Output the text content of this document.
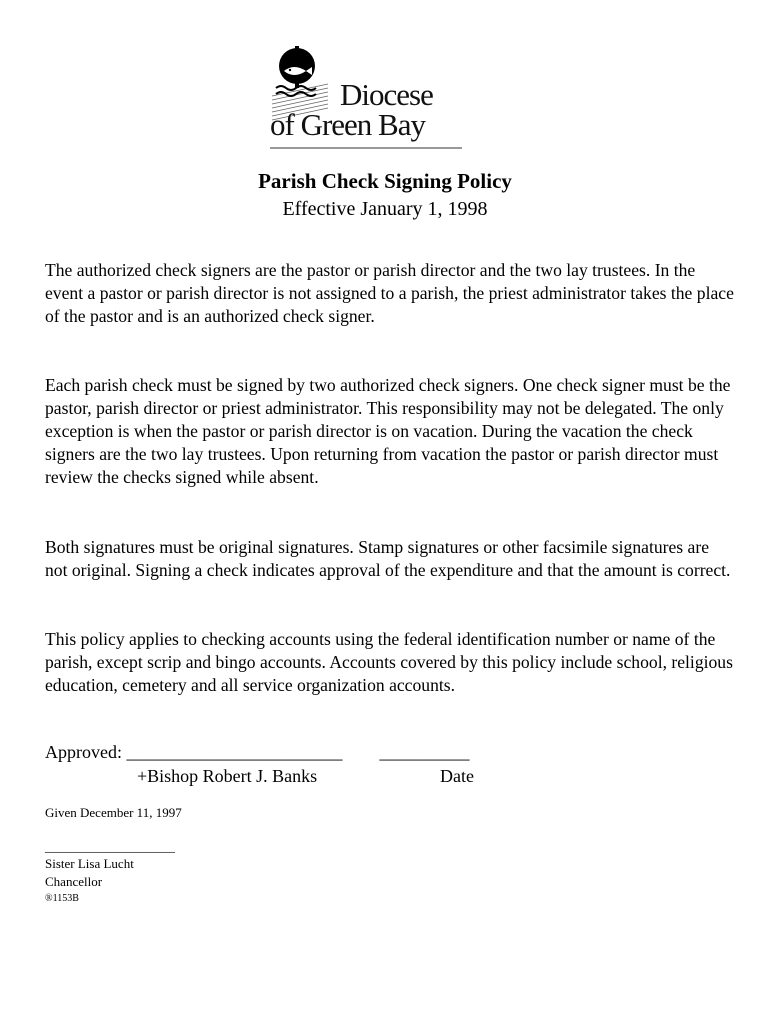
Diocese
of Green Bay
Parish Check Signing Policy
Effective January 1, 1998

The authorized check signers are the pastor or parish director and the two lay trustees. In the event a pastor or parish director is not assigned to a parish, the priest administrator takes the place of the pastor and is an authorized check signer.

Each parish check must be signed by two authorized check signers. One check signer must be the pastor, parish director or priest administrator. This responsibility may not be delegated. The only exception is when the pastor or parish director is on vacation. During the vacation the check signers are the two lay trustees. Upon returning from vacation the pastor or parish director must review the checks signed while absent.

Both signatures must be original signatures. Stamp signatures or other facsimile signatures are not original. Signing a check indicates approval of the expenditure and that the amount is correct.

This policy applies to checking accounts using the federal identification number or name of the parish, except scrip and bingo accounts. Accounts covered by this policy include school, religious education, cemetery and all service organization accounts.

Approved: ________________________ __________
+Bishop Robert J. Banks	Date
Given December 11, 1997
____________________
Sister Lisa Lucht
Chancellor
®1153B
